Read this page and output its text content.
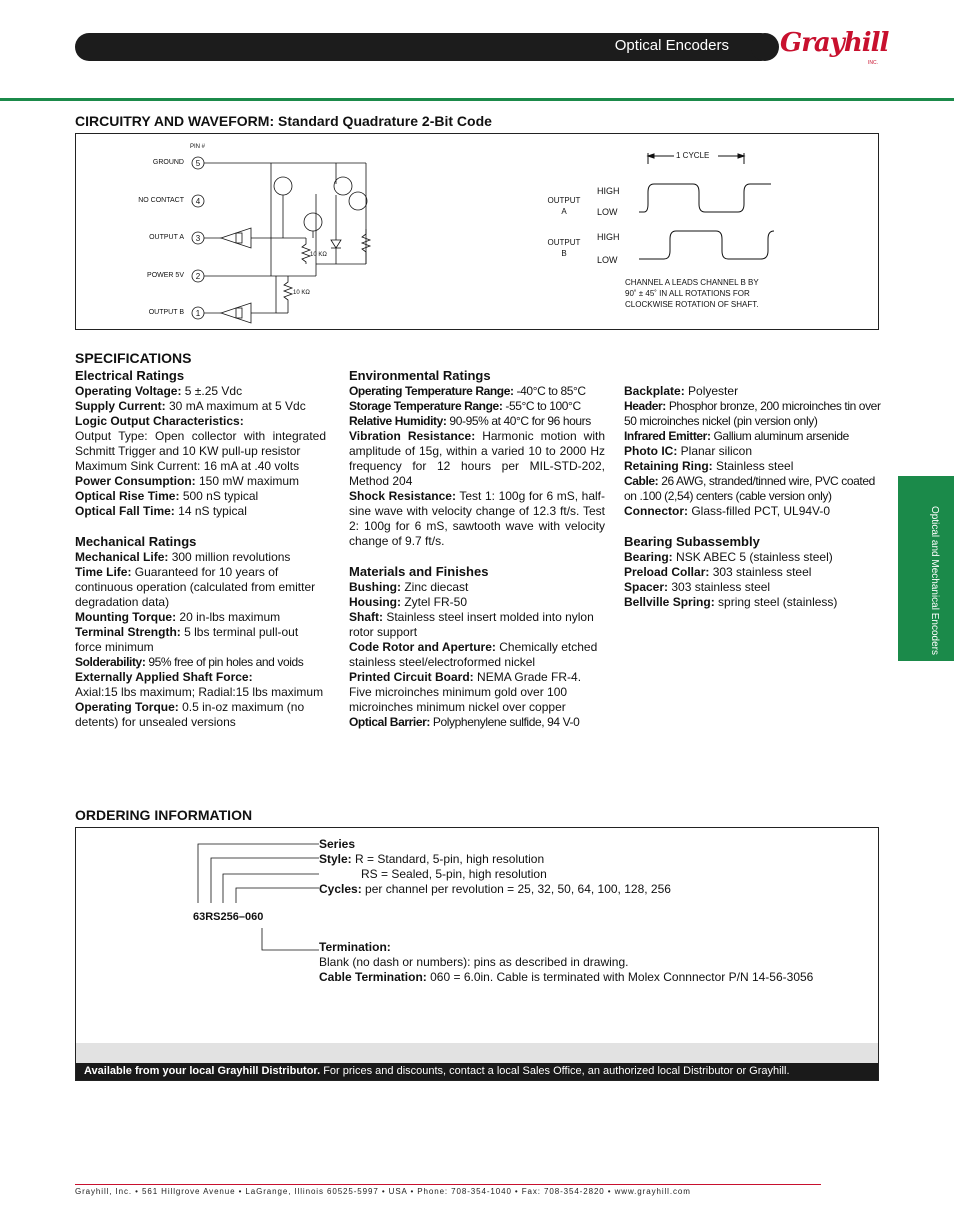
Optical Encoders Grayhill
INC.
CIRCUITRY AND WAVEFORM: Standard Quadrature 2-Bit Code
PIN #
GROUND 5
NO CONTACT 4
OUTPUT A 3
POWER 5V 2
OUTPUT B 1
10 KΩ
10 KΩ
1 CYCLE
OUTPUT
A
OUTPUT
B
HIGH
LOW
HIGH
LOW
CHANNEL A LEADS CHANNEL B BY
90˚ ± 45˚ IN ALL ROTATIONS FOR
CLOCKWISE ROTATION OF SHAFT.
SPECIFICATIONS
Electrical Ratings
Operating Voltage: 5 ±.25 Vdc
Supply Current: 30 mA maximum at 5 Vdc
Logic Output Characteristics:
Output Type: Open collector with integrated Schmitt Trigger and 10 KW pull-up resistor
Maximum Sink Current: 16 mA at .40 volts
Power Consumption: 150 mW maximum
Optical Rise Time: 500 nS typical
Optical Fall Time: 14 nS typical
Mechanical Ratings
Mechanical Life: 300 million revolutions
Time Life: Guaranteed for 10 years of continuous operation (calculated from emitter degradation data)
Mounting Torque: 20 in-lbs maximum
Terminal Strength: 5 lbs terminal pull-out force minimum
Solderability: 95% free of pin holes and voids
Externally Applied Shaft Force:
Axial:15 lbs maximum; Radial:15 lbs maximum
Operating Torque: 0.5 in-oz maximum (no detents) for unsealed versions
Environmental Ratings
Operating Temperature Range: -40°C to 85°C
Storage Temperature Range: -55°C to 100°C
Relative Humidity: 90-95% at 40°C for 96 hours
Vibration Resistance: Harmonic motion with amplitude of 15g, within a varied 10 to 2000 Hz frequency for 12 hours per MIL-STD-202, Method 204
Shock Resistance: Test 1: 100g for 6 mS, half-sine wave with velocity change of 12.3 ft/s. Test 2: 100g for 6 mS, sawtooth wave with velocity change of 9.7 ft/s.
Materials and Finishes
Bushing: Zinc diecast
Housing: Zytel FR-50
Shaft: Stainless steel insert molded into nylon rotor support
Code Rotor and Aperture: Chemically etched stainless steel/electroformed nickel
Printed Circuit Board: NEMA Grade FR-4. Five microinches minimum gold over 100 microinches minimum nickel over copper
Optical Barrier: Polyphenylene sulfide, 94 V-0
Backplate: Polyester
Header: Phosphor bronze, 200 microinches tin over 50 microinches nickel (pin version only)
Infrared Emitter: Gallium aluminum arsenide
Photo IC: Planar silicon
Retaining Ring: Stainless steel
Cable: 26 AWG, stranded/tinned wire, PVC coated on .100 (2,54) centers (cable version only)
Connector: Glass-filled PCT, UL94V-0
Bearing Subassembly
Bearing: NSK ABEC 5 (stainless steel)
Preload Collar: 303 stainless steel
Spacer: 303 stainless steel
Bellville Spring: spring steel (stainless)	Optical and Mechanical Encoders
ORDERING INFORMATION
Series
Style: R = Standard, 5-pin, high resolution
RS = Sealed, 5-pin, high resolution
Cycles: per channel per revolution = 25, 32, 50, 64, 100, 128, 256
63RS256–060
Termination:
Blank (no dash or numbers): pins as described in drawing.
Cable Termination: 060 = 6.0in. Cable is terminated with Molex Connnector P/N 14-56-3056
Available from your local Grayhill Distributor. For prices and discounts, contact a local Sales Office, an authorized local Distributor or Grayhill.
Grayhill, Inc. • 561 Hillgrove Avenue • LaGrange, Illinois 60525-5997 • USA • Phone: 708-354-1040 • Fax: 708-354-2820 • www.grayhill.com
